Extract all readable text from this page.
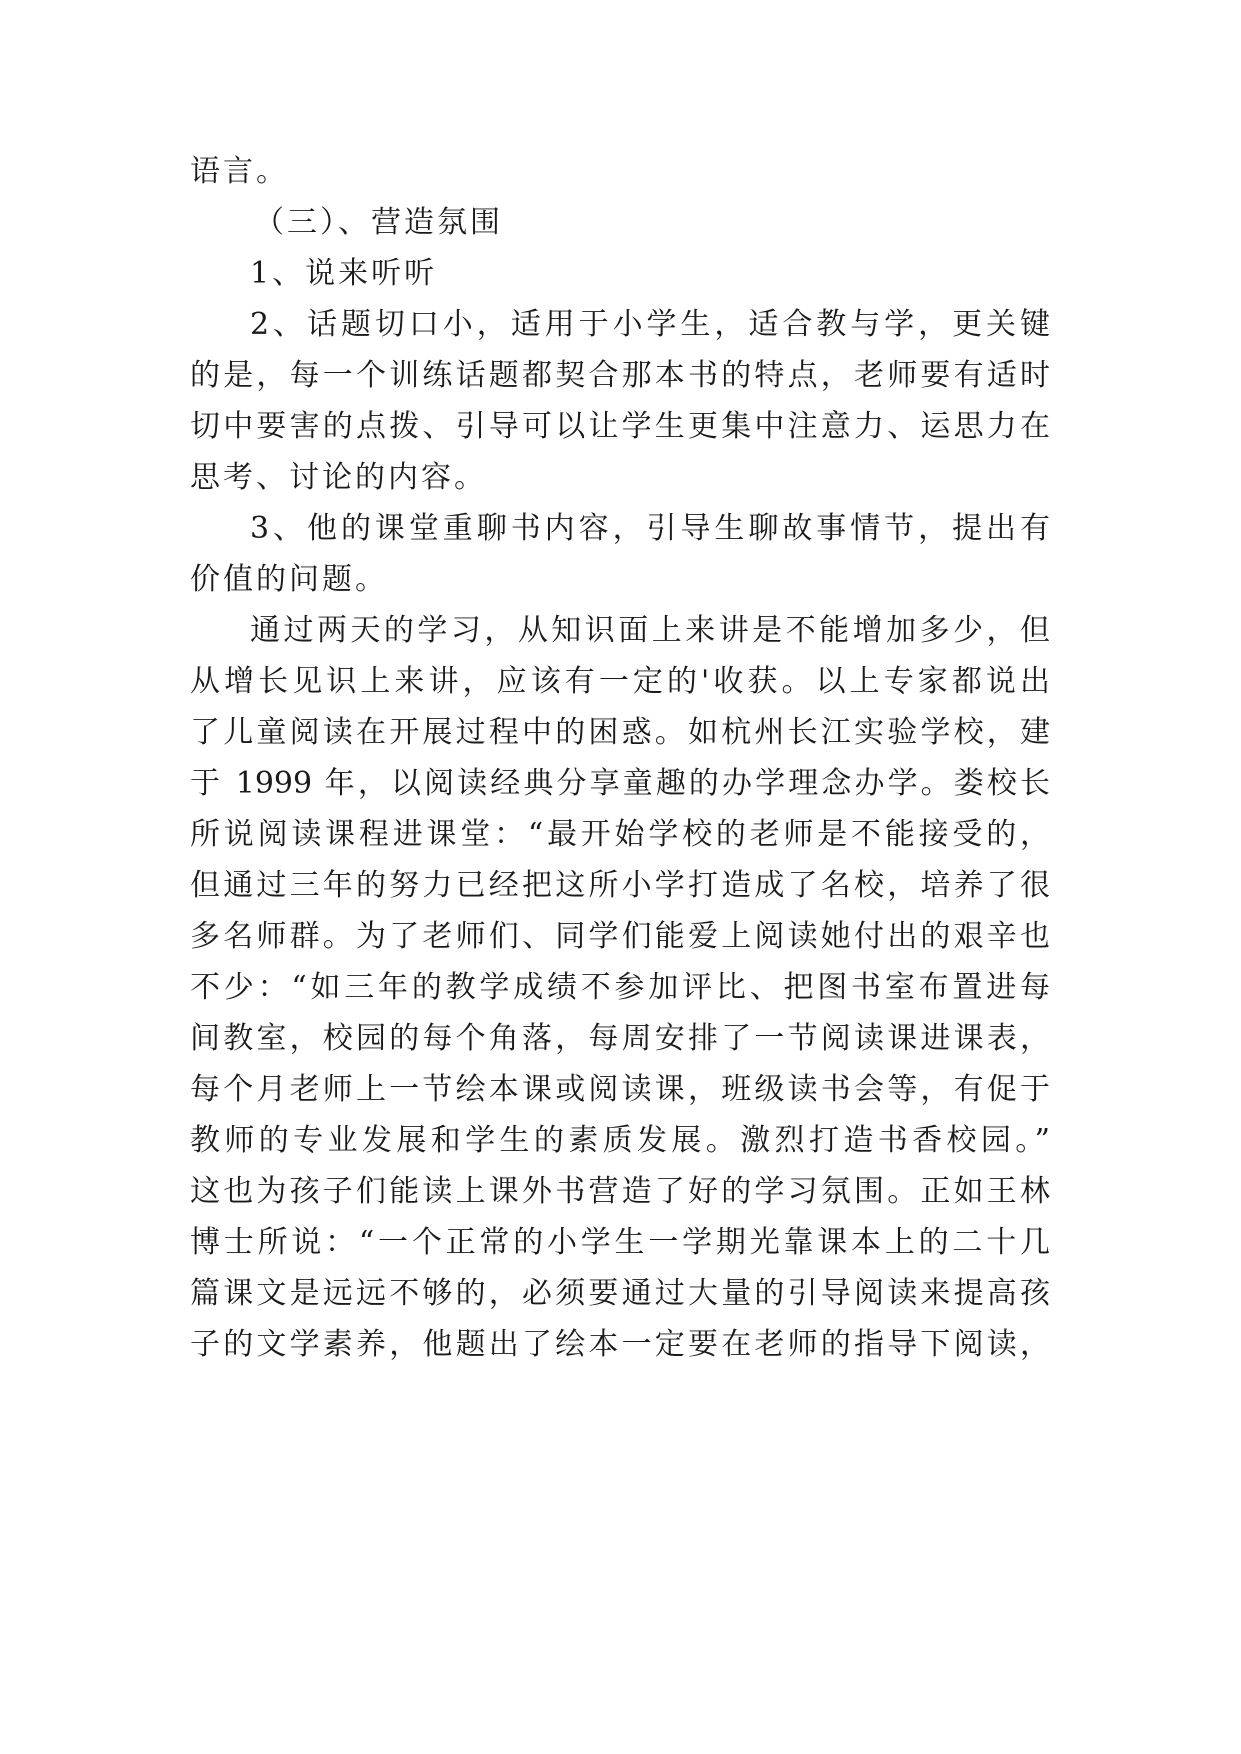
语言。
（三）、营造氛围
1、说来听听
2、话题切口小，适用于小学生，适合教与学，更关键
的是，每一个训练话题都契合那本书的特点，老师要有适时
切中要害的点拨、引导可以让学生更集中注意力、运思力在
思考、讨论的内容。
3、他的课堂重聊书内容，引导生聊故事情节，提出有
价值的问题。
通过两天的学习，从知识面上来讲是不能增加多少，但
从增长见识上来讲，应该有一定的'收获。以上专家都说出
了儿童阅读在开展过程中的困惑。如杭州长江实验学校，建
于 1999 年，以阅读经典分享童趣的办学理念办学。娄校长
所说阅读课程进课堂：“最开始学校的老师是不能接受的，
但通过三年的努力已经把这所小学打造成了名校，培养了很
多名师群。为了老师们、同学们能爱上阅读她付出的艰辛也
不少：“如三年的教学成绩不参加评比、把图书室布置进每
间教室，校园的每个角落，每周安排了一节阅读课进课表，
每个月老师上一节绘本课或阅读课，班级读书会等，有促于
教师的专业发展和学生的素质发展。激烈打造书香校园。”
这也为孩子们能读上课外书营造了好的学习氛围。正如王林
博士所说：“一个正常的小学生一学期光靠课本上的二十几
篇课文是远远不够的，必须要通过大量的引导阅读来提高孩
子的文学素养，他题出了绘本一定要在老师的指导下阅读，
